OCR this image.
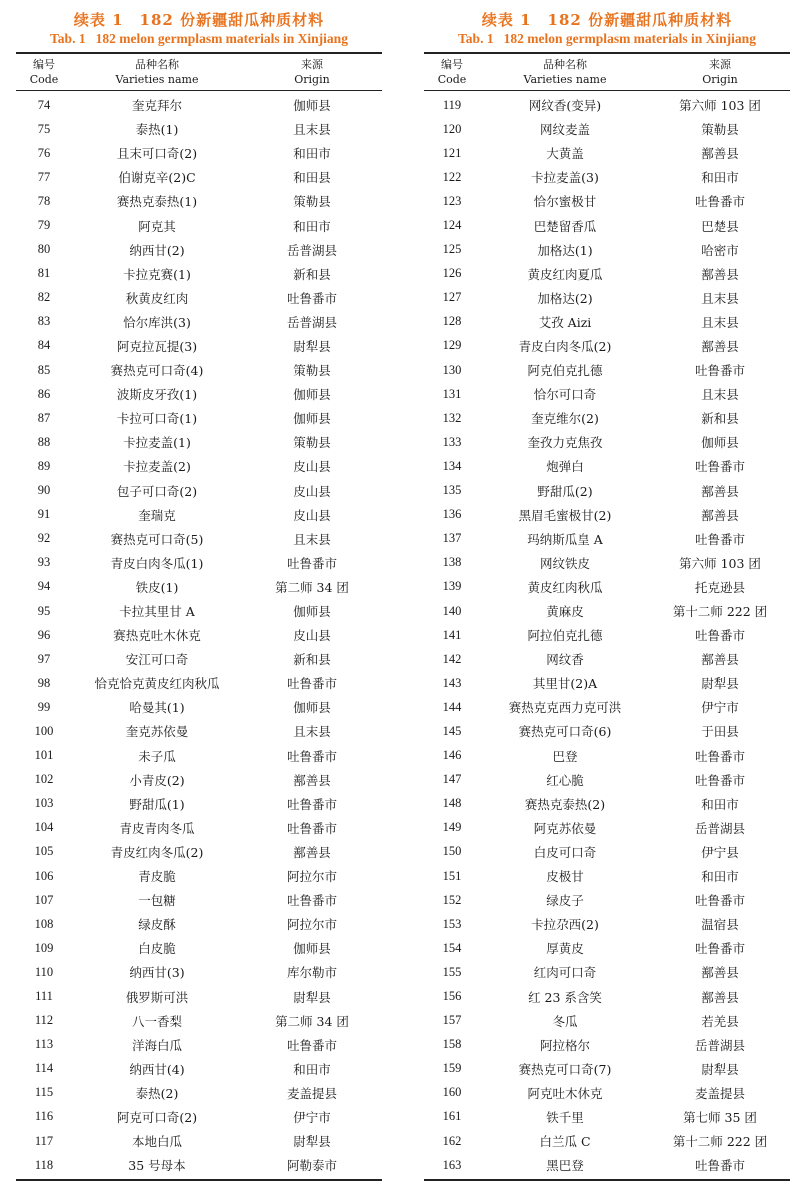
续表 1　182 份新疆甜瓜种质材料
Tab. 1 182 melon germplasm materials in Xinjiang
编号
Code
品种名称
Varieties name
来源
Origin
74	奎克拜尔	伽师县
75	泰热(1)	且末县
76	且末可口奇(2)	和田市
77	伯谢克辛(2)C	和田县
78	赛热克泰热(1)	策勒县
79	阿克其	和田市
80	纳西甘(2)	岳普湖县
81	卡拉克赛(1)	新和县
82	秋黄皮红肉	吐鲁番市
83	恰尔库洪(3)	岳普湖县
84	阿克拉瓦提(3)	尉犁县
85	赛热克可口奇(4)	策勒县
86	波斯皮牙孜(1)	伽师县
87	卡拉可口奇(1)	伽师县
88	卡拉麦盖(1)	策勒县
89	卡拉麦盖(2)	皮山县
90	包子可口奇(2)	皮山县
91	奎瑞克	皮山县
92	赛热克可口奇(5)	且末县
93	青皮白肉冬瓜(1)	吐鲁番市
94	铁皮(1)	第二师 34 团
95	卡拉其里甘 A	伽师县
96	赛热克吐木休克	皮山县
97	安江可口奇	新和县
98	恰克恰克黄皮红肉秋瓜	吐鲁番市
99	哈曼其(1)	伽师县
100	奎克苏依曼	且末县
101	未子瓜	吐鲁番市
102	小青皮(2)	鄯善县
103	野甜瓜(1)	吐鲁番市
104	青皮青肉冬瓜	吐鲁番市
105	青皮红肉冬瓜(2)	鄯善县
106	青皮脆	阿拉尔市
107	一包糖	吐鲁番市
108	绿皮酥	阿拉尔市
109	白皮脆	伽师县
110	纳西甘(3)	库尔勒市
111	俄罗斯可洪	尉犁县
112	八一香梨	第二师 34 团
113	洋海白瓜	吐鲁番市
114	纳西甘(4)	和田市
115	泰热(2)	麦盖提县
116	阿克可口奇(2)	伊宁市
117	本地白瓜	尉犁县
118	35 号母本	阿勒泰市
续表 1　182 份新疆甜瓜种质材料
Tab. 1 182 melon germplasm materials in Xinjiang
编号
Code
品种名称
Varieties name
来源
Origin
119	网纹香(变异)	第六师 103 团
120	网纹麦盖	策勒县
121	大黄盖	鄯善县
122	卡拉麦盖(3)	和田市
123	恰尔蜜极甘	吐鲁番市
124	巴楚留香瓜	巴楚县
125	加格达(1)	哈密市
126	黄皮红肉夏瓜	鄯善县
127	加格达(2)	且末县
128	艾孜 Aizi	且末县
129	青皮白肉冬瓜(2)	鄯善县
130	阿克伯克扎德	吐鲁番市
131	恰尔可口奇	且末县
132	奎克维尔(2)	新和县
133	奎孜力克焦孜	伽师县
134	炮弹白	吐鲁番市
135	野甜瓜(2)	鄯善县
136	黑眉毛蜜极甘(2)	鄯善县
137	玛纳斯瓜皇 A	吐鲁番市
138	网纹铁皮	第六师 103 团
139	黄皮红肉秋瓜	托克逊县
140	黄麻皮	第十二师 222 团
141	阿拉伯克扎德	吐鲁番市
142	网纹香	鄯善县
143	其里甘(2)A	尉犁县
144	赛热克克西力克可洪	伊宁市
145	赛热克可口奇(6)	于田县
146	巴登	吐鲁番市
147	红心脆	吐鲁番市
148	赛热克泰热(2)	和田市
149	阿克苏依曼	岳普湖县
150	白皮可口奇	伊宁县
151	皮极甘	和田市
152	绿皮子	吐鲁番市
153	卡拉尕西(2)	温宿县
154	厚黄皮	吐鲁番市
155	红肉可口奇	鄯善县
156	红 23 系含笑	鄯善县
157	冬瓜	若羌县
158	阿拉格尔	岳普湖县
159	赛热克可口奇(7)	尉犁县
160	阿克吐木休克	麦盖提县
161	铁千里	第七师 35 团
162	白兰瓜 C	第十二师 222 团
163	黑巴登	吐鲁番市
